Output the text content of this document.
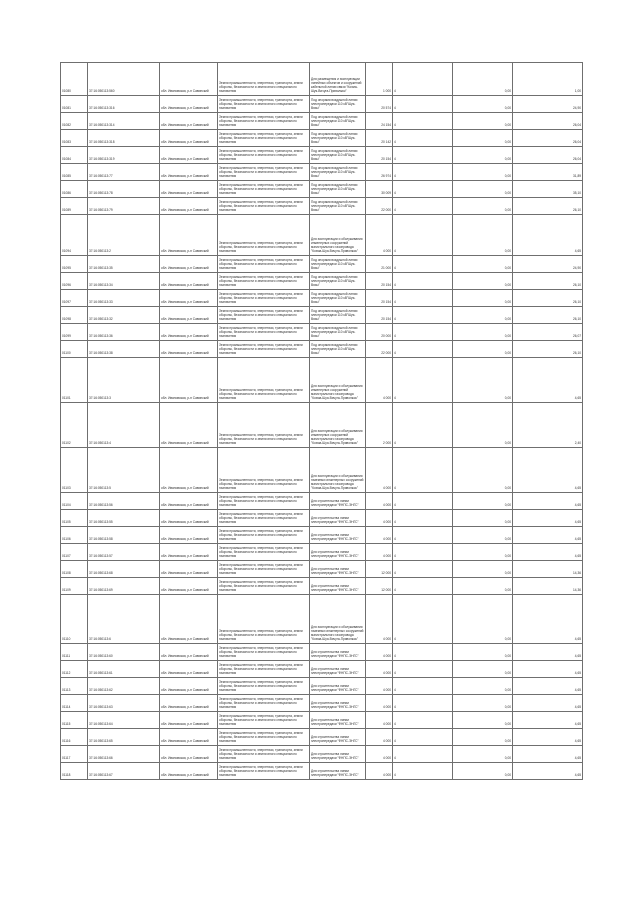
01080	37:16:050113:560	обл. Ивановская, р-н Савинский	Земли промышленности, энергетики, транспорта, земли обороны, безопасности и земли иного специального назначения	Для размещения и эксплуатации линейных объектов и сооружений кабельной линии связи "Кохма-Шуя-Вичуга-Приволжск"	1 000	4	0,00	1,00
01081	37:16:050113:316	обл. Ивановская, р-н Савинский	Земли промышленности, энергетики, транспорта, земли обороны, безопасности и земли иного специального назначения	Под опорами воздушной линии электропередачи 110 кВ"Шуя-Вязы"	20 574	4	0,00	24,90
01082	37:16:050113:314	обл. Ивановская, р-н Савинский	Земли промышленности, энергетики, транспорта, земли обороны, безопасности и земли иного специального назначения	Под опорами воздушной линии электропередачи 110 кВ"Шуя-Вязы"	24 154	4	0,00	26,04
01083	37:16:050113:318	обл. Ивановская, р-н Савинский	Земли промышленности, энергетики, транспорта, земли обороны, безопасности и земли иного специального назначения	Под опорами воздушной линии электропередачи 110 кВ"Шуя-Вязы"	20 142	4	0,00	26,04
01084	37:16:050113:319	обл. Ивановская, р-н Савинский	Земли промышленности, энергетики, транспорта, земли обороны, безопасности и земли иного специального назначения	Под опорами воздушной линии электропередачи 110 кВ"Шуя-Вязы"	20 154	4	0,00	26,04
01085	37:16:050113:77	обл. Ивановская, р-н Савинский	Земли промышленности, энергетики, транспорта, земли обороны, безопасности и земли иного специального назначения	Под опорами воздушной линии электропередачи 110 кВ"Шуя-Вязы"	26 974	4	0,00	31,89
01086	37:16:050113:78	обл. Ивановская, р-н Савинский	Земли промышленности, энергетики, транспорта, земли обороны, безопасности и земли иного специального назначения	Под опорами воздушной линии электропередачи 110 кВ"Шуя-Вязы"	30 009	4	0,00	35,10
01089	37:16:050113:79	обл. Ивановская, р-н Савинский	Земли промышленности, энергетики, транспорта, земли обороны, безопасности и земли иного специального назначения	Под опорами воздушной линии электропередачи 110 кВ"Шуя-Вязы"	22 000	4	0,00	26,10
01094	37:16:050113:2	обл. Ивановская, р-н Савинский	Земли промышленности, энергетики, транспорта, земли обороны, безопасности и земли иного специального назначения	Для эксплуатации и обслуживания инженерных сооружений магистрального газопровода "Кохма-Шуя-Вичуга-Приволжск"	4 000	4	0,00	4,65
01095	37:16:050113:35	обл. Ивановская, р-н Савинский	Земли промышленности, энергетики, транспорта, земли обороны, безопасности и земли иного специального назначения	Под опорами воздушной линии электропередачи 110 кВ"Шуя-Вязы"	21 000	4	0,00	24,90
01096	37:16:050113:34	обл. Ивановская, р-н Савинский	Земли промышленности, энергетики, транспорта, земли обороны, безопасности и земли иного специального назначения	Под опорами воздушной линии электропередачи 110 кВ"Шуя-Вязы"	20 154	4	0,00	26,10
01097	37:16:050113:33	обл. Ивановская, р-н Савинский	Земли промышленности, энергетики, транспорта, земли обороны, безопасности и земли иного специального назначения	Под опорами воздушной линии электропередачи 110 кВ"Шуя-Вязы"	20 154	4	0,00	26,10
01098	37:16:050113:32	обл. Ивановская, р-н Савинский	Земли промышленности, энергетики, транспорта, земли обороны, безопасности и земли иного специального назначения	Под опорами воздушной линии электропередачи 110 кВ"Шуя-Вязы"	20 154	4	0,00	26,10
01099	37:16:050113:36	обл. Ивановская, р-н Савинский	Земли промышленности, энергетики, транспорта, земли обороны, безопасности и земли иного специального назначения	Под опорами воздушной линии электропередачи 110 кВ"Шуя-Вязы"	20 000	4	0,00	26,07
01100	37:16:050113:38	обл. Ивановская, р-н Савинский	Земли промышленности, энергетики, транспорта, земли обороны, безопасности и земли иного специального назначения	Под опорами воздушной линии электропередачи 110 кВ"Шуя-Вязы"	22 000	4	0,00	26,10
01101	37:16:050113:3	обл. Ивановская, р-н Савинский	Земли промышленности, энергетики, транспорта, земли обороны, безопасности и земли иного специального назначения	Для эксплуатации и обслуживания инженерных сооружений магистрального газопровода "Кохма-Шуя-Вичуга-Приволжск"	4 000	4	0,00	4,65
01102	37:16:050113:4	обл. Ивановская, р-н Савинский	Земли промышленности, энергетики, транспорта, земли обороны, безопасности и земли иного специального назначения	Для эксплуатации и обслуживания инженерных сооружений магистрального газопровода "Кохма-Шуя-Вичуга-Приволжск"	2 000	4	0,00	2,40
01103	37:16:050113:5	обл. Ивановская, р-н Савинский	Земли промышленности, энергетики, транспорта, земли обороны, безопасности и земли иного специального назначения	Для эксплуатации и обслуживания наземных инженерных сооружений магистрального газопровода "Кохма-Шуя-Вичуга-Приволжск"	4 000	4	0,00	4,65
01104	37:16:050113:56	обл. Ивановская, р-н Савинский	Земли промышленности, энергетики, транспорта, земли обороны, безопасности и земли иного специального назначения	Для строительства линии электропередачи "ФНПС-ЭНГС"	4 000	4	0,00	4,65
01105	37:16:050113:55	обл. Ивановская, р-н Савинский	Земли промышленности, энергетики, транспорта, земли обороны, безопасности и земли иного специального назначения	Для строительства линии электропередачи "ФНПС-ЭНГС"	4 000	4	0,00	4,65
01106	37:16:050113:58	обл. Ивановская, р-н Савинский	Земли промышленности, энергетики, транспорта, земли обороны, безопасности и земли иного специального назначения	Для строительства линии электропередачи "ФНПС-ЭНГС"	4 000	4	0,00	4,65
01107	37:16:050113:57	обл. Ивановская, р-н Савинский	Земли промышленности, энергетики, транспорта, земли обороны, безопасности и земли иного специального назначения	Для строительства линии электропередачи "ФНПС-ЭНГС"	4 000	4	0,00	4,65
01108	37:16:050113:68	обл. Ивановская, р-н Савинский	Земли промышленности, энергетики, транспорта, земли обороны, безопасности и земли иного специального назначения	Для строительства линии электропередачи "ФНПС-ЭНГС"	12 000	4	0,00	14,36
01109	37:16:050113:69	обл. Ивановская, р-н Савинский	Земли промышленности, энергетики, транспорта, земли обороны, безопасности и земли иного специального назначения	Для строительства линии электропередачи "ФНПС-ЭНГС"	12 000	4	0,00	14,36
01110	37:16:050113:6	обл. Ивановская, р-н Савинский	Земли промышленности, энергетики, транспорта, земли обороны, безопасности и земли иного специального назначения	Для эксплуатации и обслуживания наземных инженерных сооружений магистрального газопровода "Кохма-Шуя-Вичуга-Приволжск"	4 000	4	0,00	4,65
01111	37:16:050113:60	обл. Ивановская, р-н Савинский	Земли промышленности, энергетики, транспорта, земли обороны, безопасности и земли иного специального назначения	Для строительства линии электропередачи "ФНПС-ЭНГС"	4 000	4	0,00	4,65
01112	37:16:050113:61	обл. Ивановская, р-н Савинский	Земли промышленности, энергетики, транспорта, земли обороны, безопасности и земли иного специального назначения	Для строительства линии электропередачи "ФНПС-ЭНГС"	4 000	4	0,00	4,65
01113	37:16:050113:62	обл. Ивановская, р-н Савинский	Земли промышленности, энергетики, транспорта, земли обороны, безопасности и земли иного специального назначения	Для строительства линии электропередачи "ФНПС-ЭНГС"	4 000	4	0,00	4,65
01114	37:16:050113:63	обл. Ивановская, р-н Савинский	Земли промышленности, энергетики, транспорта, земли обороны, безопасности и земли иного специального назначения	Для строительства линии электропередачи "ФНПС-ЭНГС"	4 000	4	0,00	4,65
01115	37:16:050113:64	обл. Ивановская, р-н Савинский	Земли промышленности, энергетики, транспорта, земли обороны, безопасности и земли иного специального назначения	Для строительства линии электропередачи "ФНПС-ЭНГС"	4 000	4	0,00	4,65
01116	37:16:050113:65	обл. Ивановская, р-н Савинский	Земли промышленности, энергетики, транспорта, земли обороны, безопасности и земли иного специального назначения	Для строительства линии электропередачи "ФНПС-ЭНГС"	4 000	4	0,00	4,65
01117	37:16:050113:66	обл. Ивановская, р-н Савинский	Земли промышленности, энергетики, транспорта, земли обороны, безопасности и земли иного специального назначения	Для строительства линии электропередачи "ФНПС-ЭНГС"	4 000	4	0,00	4,65
01118	37:16:050113:67	обл. Ивановская, р-н Савинский	Земли промышленности, энергетики, транспорта, земли обороны, безопасности и земли иного специального назначения	Для строительства линии электропередачи "ФНПС-ЭНГС"	4 000	4	0,00	4,65
